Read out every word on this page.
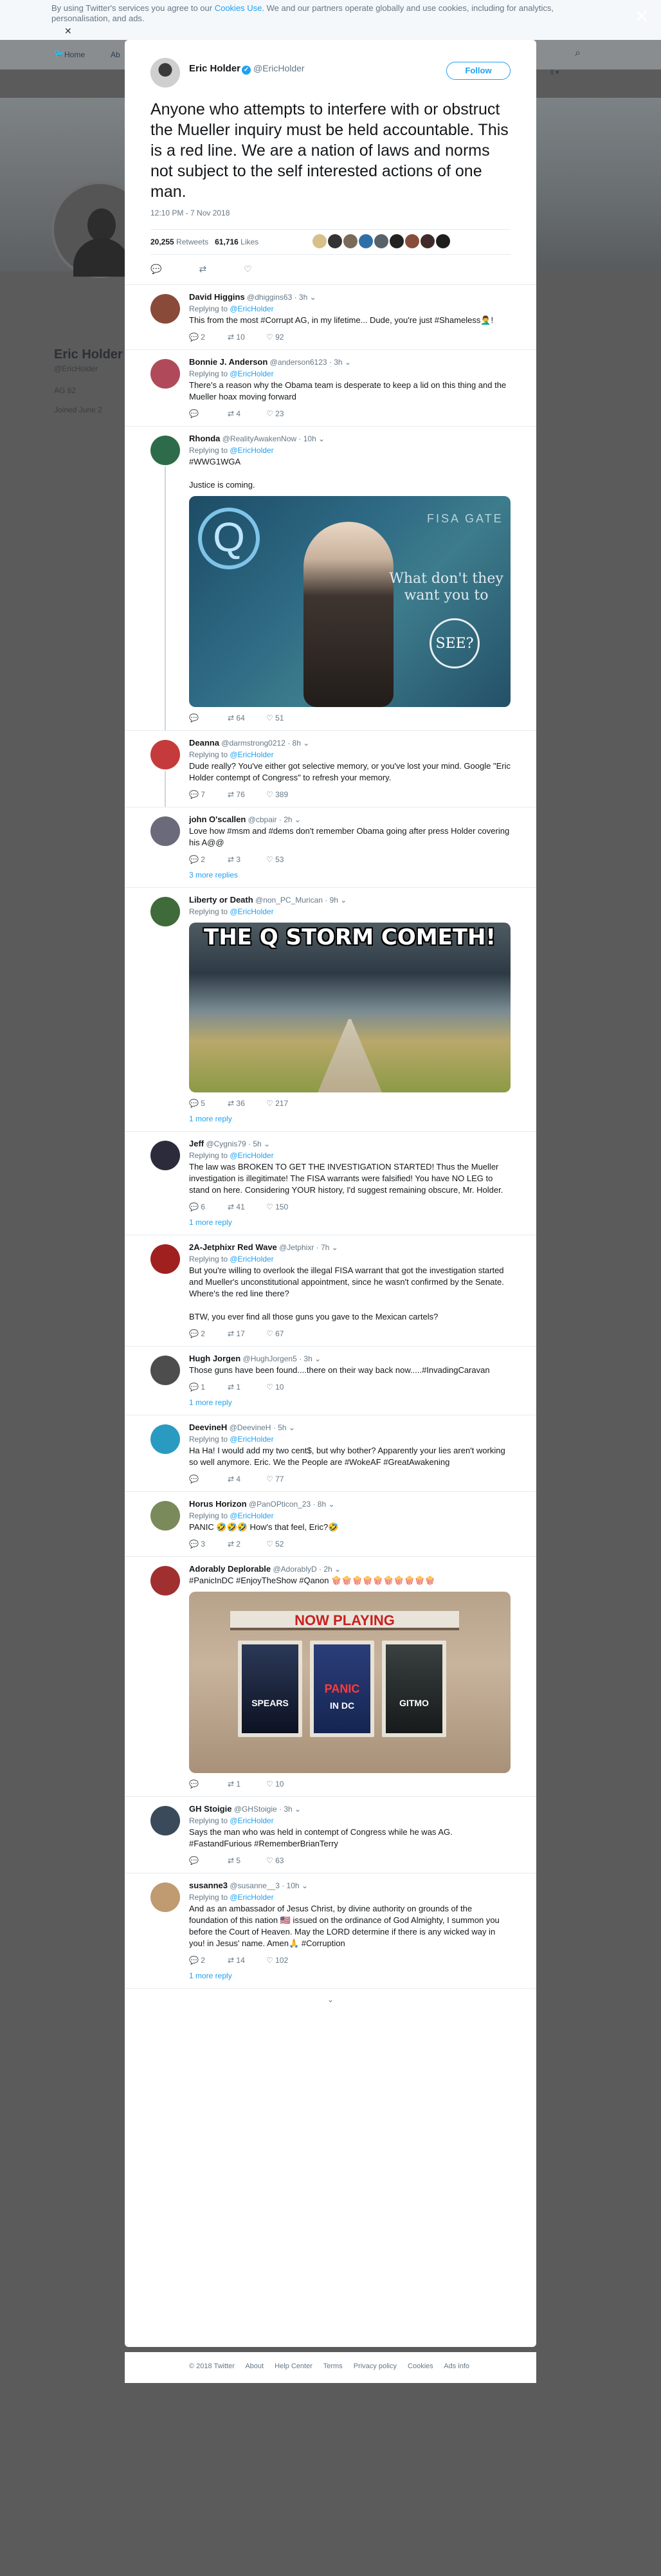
🐦 Home	Ab	⌕
ll ▾
Eric Holder
@EricHolder
AG 82
Joined June 2
By using Twitter's services you agree to our Cookies Use. We and our partners operate globally and use cookies, including for analytics, personalisation, and ads.
✕
✕
Eric Holder ✓ @EricHolder	Follow
Anyone who attempts to interfere with or obstruct the Mueller inquiry must be held accountable. This is a red line. We are a nation of laws and norms not subject to the self interested actions of one man.
12:10 PM - 7 Nov 2018
20,255 Retweets 61,716 Likes
💬	⇄	♡
David Higgins @dhiggins63 · 3h ⌄
Replying to @EricHolder
This from the most #Corrupt AG, in my lifetime... Dude, you're just #Shameless🤦‍♂️!
💬 2	⇄ 10	♡ 92
Bonnie J. Anderson @anderson6123 · 3h ⌄
Replying to @EricHolder
There's a reason why the Obama team is desperate to keep a lid on this thing and the Mueller hoax moving forward
💬	⇄ 4	♡ 23
Rhonda @RealityAwakenNow · 10h ⌄
Replying to @EricHolder
#WWG1WGA

Justice is coming.
Q	FISA GATE
What don't they want you to
SEE?
💬	⇄ 64	♡ 51
Deanna @darmstrong0212 · 8h ⌄
Replying to @EricHolder
Dude really? You've either got selective memory, or you've lost your mind. Google "Eric Holder contempt of Congress" to refresh your memory.
💬 7	⇄ 76	♡ 389
john O'scallen @cbpair · 2h ⌄
Love how #msm and #dems don't remember Obama going after press Holder covering his A@@
💬 2	⇄ 3	♡ 53
3 more replies
Liberty or Death @non_PC_Murican · 9h ⌄
Replying to @EricHolder
THE Q STORM COMETH!
💬 5	⇄ 36	♡ 217
1 more reply
Jeff @Cygnis79 · 5h ⌄
Replying to @EricHolder
The law was BROKEN TO GET THE INVESTIGATION STARTED! Thus the Mueller investigation is illegitimate! The FISA warrants were falsified! You have NO LEG to stand on here. Considering YOUR history, I'd suggest remaining obscure, Mr. Holder.
💬 6	⇄ 41	♡ 150
1 more reply
2A-Jetphixr Red Wave @Jetphixr · 7h ⌄
Replying to @EricHolder
But you're willing to overlook the illegal FISA warrant that got the investigation started and Mueller's unconstitutional appointment, since he wasn't confirmed by the Senate. Where's the red line there?

BTW, you ever find all those guns you gave to the Mexican cartels?
💬 2	⇄ 17	♡ 67
Hugh Jorgen @HughJorgen5 · 3h ⌄
Those guns have been found....there on their way back now.....#InvadingCaravan
💬 1	⇄ 1	♡ 10
1 more reply
DeevineH @DeevineH · 5h ⌄
Replying to @EricHolder
Ha Ha! I would add my two cent$, but why bother? Apparently your lies aren't working so well anymore. Eric. We the People are #WokeAF #GreatAwakening
💬	⇄ 4	♡ 77
Horus Horizon @PanOPticon_23 · 8h ⌄
Replying to @EricHolder
PANIC 🤣🤣🤣 How's that feel, Eric?🤣
💬 3	⇄ 2	♡ 52
Adorably Deplorable @AdorablyD · 2h ⌄
#PanicInDC #EnjoyTheShow #Qanon 🍿🍿🍿🍿🍿🍿🍿🍿🍿🍿
NOW PLAYING
SPEARS
PANIC
IN DC	GITMO
💬	⇄ 1	♡ 10
GH Stoigie @GHStoigie · 3h ⌄
Replying to @EricHolder
Says the man who was held in contempt of Congress while he was AG. #FastandFurious #RememberBrianTerry
💬	⇄ 5	♡ 63
susanne3 @susanne__3 · 10h ⌄
Replying to @EricHolder
And as an ambassador of Jesus Christ, by divine authority on grounds of the foundation of this nation 🇺🇸 issued on the ordinance of God Almighty, I summon you before the Court of Heaven. May the LORD determine if there is any wicked way in you! in Jesus' name. Amen🙏 #Corruption
💬 2	⇄ 14	♡ 102
1 more reply
⌄
© 2018 Twitter About Help Center Terms Privacy policy Cookies Ads info
